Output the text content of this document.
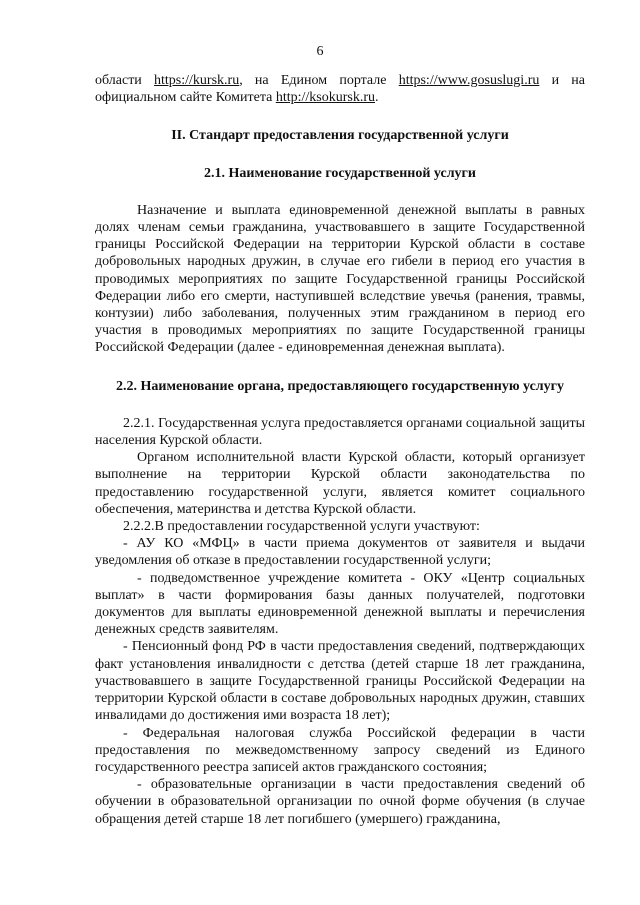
6

области https://kursk.ru, на Едином портале https://www.gosuslugi.ru и на официальном сайте Комитета http://ksokursk.ru.

II. Стандарт предоставления государственной услуги

2.1. Наименование государственной услуги

Назначение и выплата единовременной денежной выплаты в равных долях членам семьи гражданина, участвовавшего в защите Государственной границы Российской Федерации на территории Курской области в составе добровольных народных дружин, в случае его гибели в период его участия в проводимых мероприятиях по защите Государственной границы Российской Федерации либо его смерти, наступившей вследствие увечья (ранения, травмы, контузии) либо заболевания, полученных этим гражданином в период его участия в проводимых мероприятиях по защите Государственной границы Российской Федерации (далее - единовременная денежная выплата).

2.2. Наименование органа, предоставляющего государственную услугу

2.2.1. Государственная услуга предоставляется органами социальной защиты населения Курской области.

Органом исполнительной власти Курской области, который организует выполнение на территории Курской области законодательства по предоставлению государственной услуги, является комитет социального обеспечения, материнства и детства Курской области.

2.2.2.В предоставлении государственной услуги участвуют:

- АУ КО «МФЦ» в части приема документов от заявителя и выдачи уведомления об отказе в предоставлении государственной услуги;

- подведомственное учреждение комитета - ОКУ «Центр социальных выплат» в части формирования базы данных получателей, подготовки документов для выплаты единовременной денежной выплаты и перечисления денежных средств заявителям.

- Пенсионный фонд РФ в части предоставления сведений, подтверждающих факт установления инвалидности с детства (детей старше 18 лет гражданина, участвовавшего в защите Государственной границы Российской Федерации на территории Курской области в составе добровольных народных дружин, ставших инвалидами до достижения ими возраста 18 лет);

- Федеральная налоговая служба Российской федерации в части предоставления по межведомственному запросу сведений из Единого государственного реестра записей актов гражданского состояния;

- образовательные организации в части предоставления сведений об обучении в образовательной организации по очной форме обучения (в случае обращения детей старше 18 лет погибшего (умершего) гражданина,
